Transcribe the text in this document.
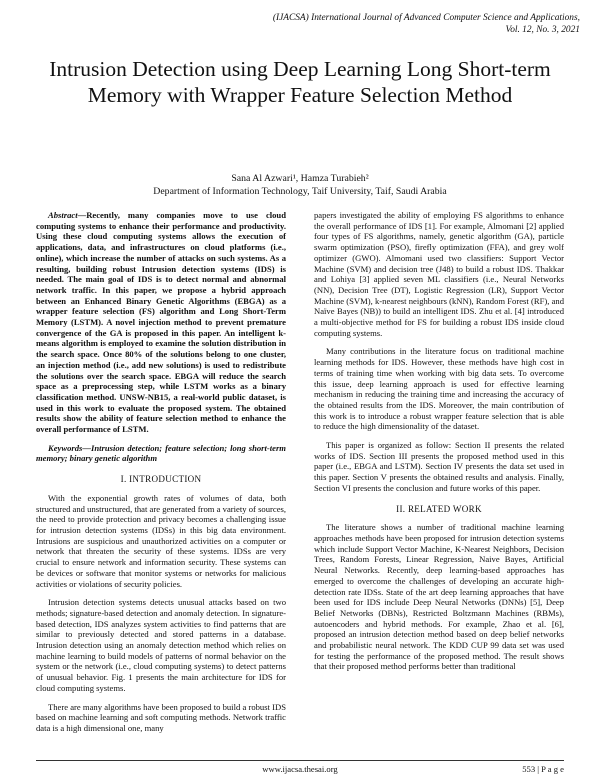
(IJACSA) International Journal of Advanced Computer Science and Applications,
Vol. 12, No. 3, 2021
Intrusion Detection using Deep Learning Long Short-term Memory with Wrapper Feature Selection Method
Sana Al Azwari¹, Hamza Turabieh²
Department of Information Technology, Taif University, Taif, Saudi Arabia

Abstract—Recently, many companies move to use cloud computing systems to enhance their performance and productivity. Using these cloud computing systems allows the execution of applications, data, and infrastructures on cloud platforms (i.e., online), which increase the number of attacks on such systems. As a resulting, building robust Intrusion detection systems (IDS) is needed. The main goal of IDS is to detect normal and abnormal network traffic. In this paper, we propose a hybrid approach between an Enhanced Binary Genetic Algorithms (EBGA) as a wrapper feature selection (FS) algorithm and Long Short-Term Memory (LSTM). A novel injection method to prevent premature convergence of the GA is proposed in this paper. An intelligent k-means algorithm is employed to examine the solution distribution in the search space. Once 80% of the solutions belong to one cluster, an injection method (i.e., add new solutions) is used to redistribute the solutions over the search space. EBGA will reduce the search space as a preprocessing step, while LSTM works as a binary classification method. UNSW-NB15, a real-world public dataset, is used in this work to evaluate the proposed system. The obtained results show the ability of feature selection method to enhance the overall performance of LSTM.

Keywords—Intrusion detection; feature selection; long short-term memory; binary genetic algorithm

I. INTRODUCTION

With the exponential growth rates of volumes of data, both structured and unstructured, that are generated from a variety of sources, the need to provide protection and privacy becomes a challenging issue for intrusion detection systems (IDSs) in this big data environment. Intrusions are suspicious and unauthorized activities on a computer or network that threaten the security of these systems. IDSs are very crucial to ensure network and information security. These systems can be devices or software that monitor systems or networks for malicious activities or violations of security policies.

Intrusion detection systems detects unusual attacks based on two methods; signature-based detection and anomaly detection. In signature-based detection, IDS analyzes system activities to find patterns that are similar to previously detected and stored patterns in a database. Intrusion detection using an anomaly detection method which relies on machine learning to build models of patterns of normal behavior on the system or the network (i.e., cloud computing systems) to detect patterns of unusual behavior. Fig. 1 presents the main architecture for IDS for cloud computing systems.

There are many algorithms have been proposed to build a robust IDS based on machine learning and soft computing methods. Network traffic data is a high dimensional one, many

papers investigated the ability of employing FS algorithms to enhance the overall performance of IDS [1]. For example, Almomani [2] applied four types of FS algorithms, namely, genetic algorithm (GA), particle swarm optimization (PSO), firefly optimization (FFA), and grey wolf optimizer (GWO). Almomani used two classifiers: Support Vector Machine (SVM) and decision tree (J48) to build a robust IDS. Thakkar and Lohiya [3] applied seven ML classifiers (i.e., Neural Networks (NN), Decision Tree (DT), Logistic Regression (LR), Support Vector Machine (SVM), k-nearest neighbours (kNN), Random Forest (RF), and Naïve Bayes (NB)) to build an intelligent IDS. Zhu et al. [4] introduced a multi-objective method for FS for building a robust IDS inside cloud computing systems.

Many contributions in the literature focus on traditional machine learning methods for IDS. However, these methods have high cost in terms of training time when working with big data sets. To overcome this issue, deep learning approach is used for effective learning mechanism in reducing the training time and increasing the accuracy of the obtained results from the IDS. Moreover, the main contribution of this work is to introduce a robust wrapper feature selection that is able to reduce the high dimensionality of the dataset.

This paper is organized as follow: Section II presents the related works of IDS. Section III presents the proposed method used in this paper (i.e., EBGA and LSTM). Section IV presents the data set used in this paper. Section V presents the obtained results and analysis. Finally, Section VI presents the conclusion and future works of this paper.

II. RELATED WORK

The literature shows a number of traditional machine learning approaches methods have been proposed for intrusion detection systems which include Support Vector Machine, K-Nearest Neighbors, Decision Trees, Random Forests, Linear Regression, Naive Bayes, Artificial Neural Networks. Recently, deep learning-based approaches has emerged to overcome the challenges of developing an accurate high-detection rate IDSs. State of the art deep learning approaches that have been used for IDS include Deep Neural Networks (DNNs) [5], Deep Belief Networks (DBNs), Restricted Boltzmann Machines (RBMs), autoencoders and hybrid methods. For example, Zhao et al. [6], proposed an intrusion detection method based on deep belief networks and probabilistic neural network. The KDD CUP 99 data set was used for testing the performance of the proposed method. The result shows that their proposed method performs better than traditional

www.ijacsa.thesai.org	553 | P a g e
